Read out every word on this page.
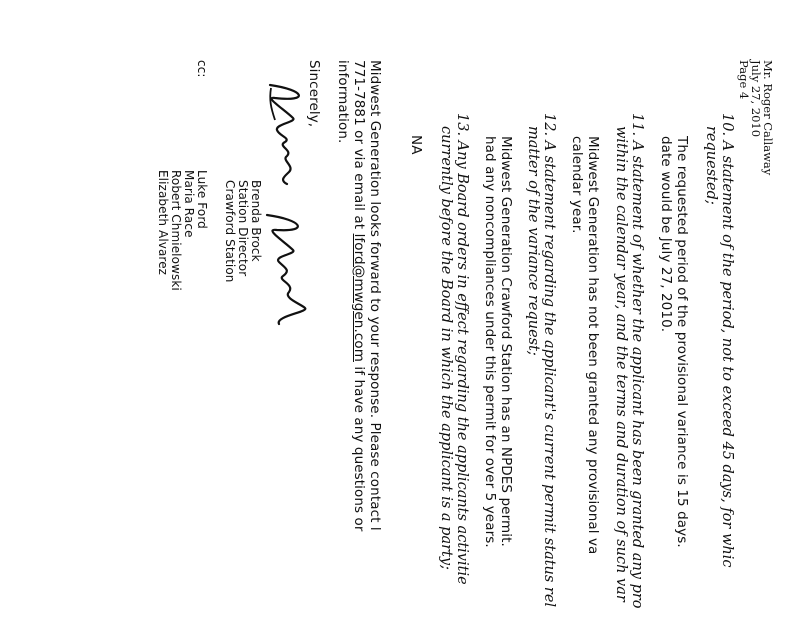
Mr. Roger Callaway
July 27, 2010
Page 4
10. A statement of the period, not to exceed 45 days, for whic
requested;
The requested period of the provisional variance is 15 days.
date would be July 27, 2010.
11. A statement of whether the applicant has been granted any pro
within the calendar year, and the terms and duration of such var
Midwest Generation has not been granted any provisional va
calendar year.
12. A statement regarding the applicant's current permit status rel
matter of the variance request;
Midwest Generation Crawford Station has an NPDES permit.
had any noncompliances under this permit for over 5 years.
13. Any Board orders in effect regarding the applicants activitie
currently before the Board in which the applicant is a party;
NA
Midwest Generation looks forward to your response. Please contact l
771-7881 or via email at lford@mwgen.com if have any questions or
information.
Sincerely,
Brenda Brock
Station Director
Crawford Station
cc:
Luke Ford
Maria Race
Robert Chmielowski
Elizabeth Alvarez
